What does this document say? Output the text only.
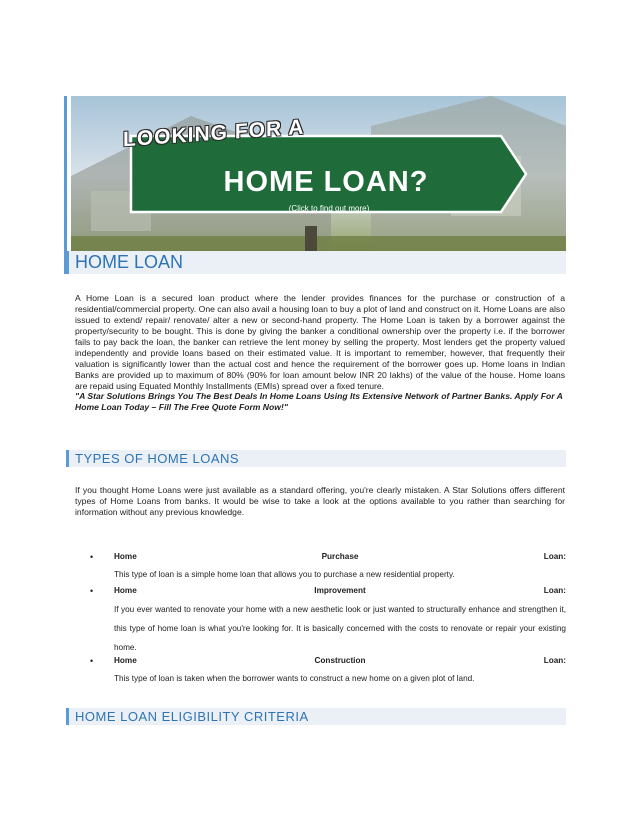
LOOKING FOR A
HOME LOAN?
(Click to find out more)
HOME LOAN
A Home Loan is a secured loan product where the lender provides finances for the purchase or construction of a residential/commercial property. One can also avail a housing loan to buy a plot of land and construct on it. Home Loans are also issued to extend/ repair/ renovate/ alter a new or second-hand property. The Home Loan is taken by a borrower against the property/security to be bought. This is done by giving the banker a conditional ownership over the property i.e. if the borrower fails to pay back the loan, the banker can retrieve the lent money by selling the property. Most lenders get the property valued independently and provide loans based on their estimated value. It is important to remember, however, that frequently their valuation is significantly lower than the actual cost and hence the requirement of the borrower goes up. Home loans in Indian Banks are provided up to maximum of 80% (90% for loan amount below INR 20 lakhs) of the value of the house. Home loans are repaid using Equated Monthly Installments (EMIs) spread over a fixed tenure.
"A Star Solutions Brings You The Best Deals In Home Loans Using Its Extensive Network of Partner Banks. Apply For A Home Loan Today – Fill The Free Quote Form Now!"
TYPES OF HOME LOANS
If you thought Home Loans were just available as a standard offering, you're clearly mistaken. A Star Solutions offers different types of Home Loans from banks. It would be wise to take a look at the options available to you rather than searching for information without any previous knowledge.
•	Home	Purchase	Loan:
This type of loan is a simple home loan that allows you to purchase a new residential property.
•	Home	Improvement	Loan:
If you ever wanted to renovate your home with a new aesthetic look or just wanted to structurally enhance and strengthen it, this type of home loan is what you're looking for. It is basically concerned with the costs to renovate or repair your existing home.
•	Home	Construction	Loan:
This type of loan is taken when the borrower wants to construct a new home on a given plot of land.
HOME LOAN ELIGIBILITY CRITERIA
